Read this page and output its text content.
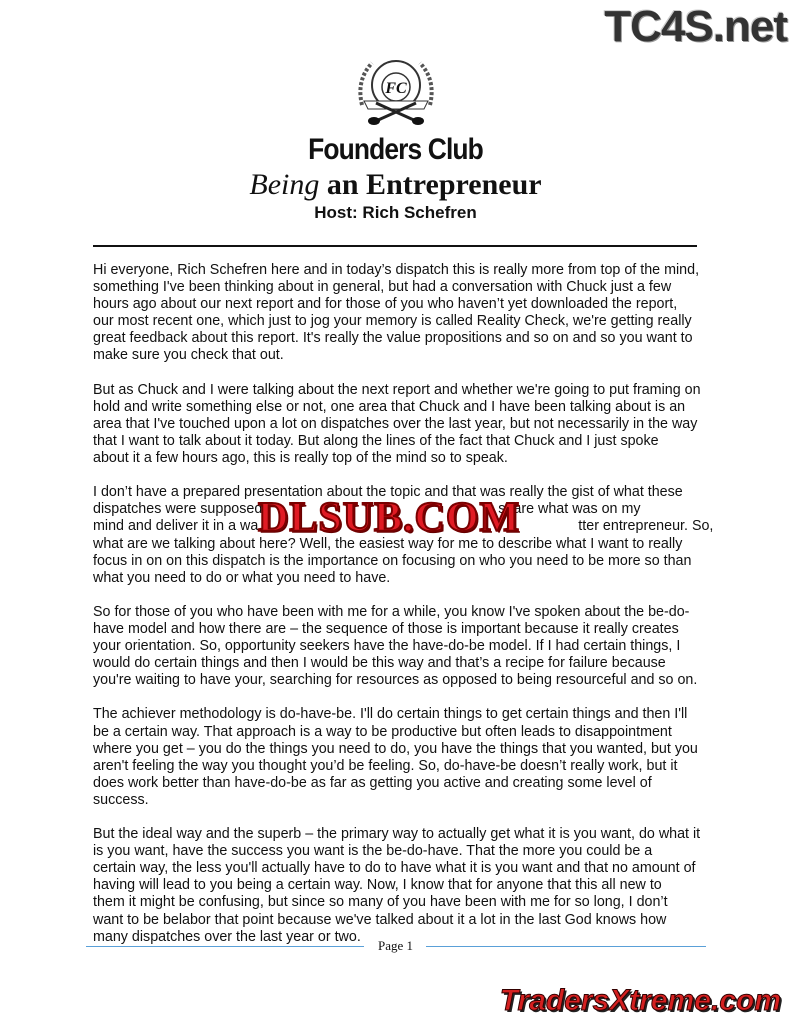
TC4S.net
FC
Founders Club
Being an Entrepreneur
Host: Rich Schefren
Hi everyone, Rich Schefren here and in today’s dispatch this is really more from top of the mind,
something I've been thinking about in general, but had a conversation with Chuck just a few
hours ago about our next report and for those of you who haven’t yet downloaded the report,
our most recent one, which just to jog your memory is called Reality Check, we're getting really
great feedback about this report. It's really the value propositions and so on and so you want to
make sure you check that out.
But as Chuck and I were talking about the next report and whether we're going to put framing on
hold and write something else or not, one area that Chuck and I have been talking about is an
area that I've touched upon a lot on dispatches over the last year, but not necessarily in the way
that I want to talk about it today. But along the lines of the fact that Chuck and I just spoke
about it a few hours ago, this is really top of the mind so to speak.
I don’t have a prepared presentation about the topic and that was really the gist of what these
dispatches were supposed	share what was on my
mind and deliver it in a wa	tter entrepreneur. So,
what are we talking about here? Well, the easiest way for me to describe what I want to really
focus in on on this dispatch is the importance on focusing on who you need to be more so than
what you need to do or what you need to have.
So for those of you who have been with me for a while, you know I've spoken about the be-do-
have model and how there are – the sequence of those is important because it really creates
your orientation. So, opportunity seekers have the have-do-be model. If I had certain things, I
would do certain things and then I would be this way and that’s a recipe for failure because
you're waiting to have your, searching for resources as opposed to being resourceful and so on.
The achiever methodology is do-have-be. I'll do certain things to get certain things and then I'll
be a certain way. That approach is a way to be productive but often leads to disappointment
where you get – you do the things you need to do, you have the things that you wanted, but you
aren't feeling the way you thought you’d be feeling. So, do-have-be doesn’t really work, but it
does work better than have-do-be as far as getting you active and creating some level of
success.
But the ideal way and the superb – the primary way to actually get what it is you want, do what it
is you want, have the success you want is the be-do-have. That the more you could be a
certain way, the less you'll actually have to do to have what it is you want and that no amount of
having will lead to you being a certain way. Now, I know that for anyone that this all new to
them it might be confusing, but since so many of you have been with me for so long, I don’t
want to be belabor that point because we've talked about it a lot in the last God knows how
many dispatches over the last year or two.
DLSUB.COM
Page 1
TradersXtreme.com
